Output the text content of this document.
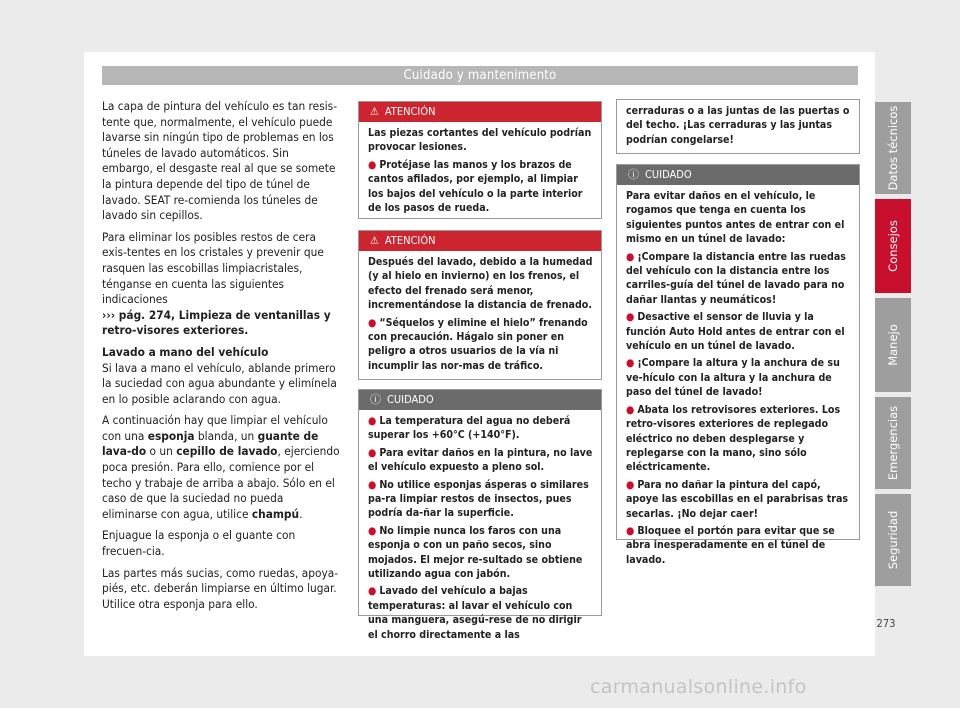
Cuidado y mantenimento
Datos técnicos
Consejos
Manejo
Emergencias
Seguridad

La capa de pintura del vehículo es tan resis-tente que, normalmente, el vehículo puede lavarse sin ningún tipo de problemas en los túneles de lavado automáticos. Sin embargo, el desgaste real al que se somete la pintura depende del tipo de túnel de lavado. SEAT re-comienda los túneles de lavado sin cepillos.

Para eliminar los posibles restos de cera exis-tentes en los cristales y prevenir que rasquen las escobillas limpiacristales, ténganse en cuenta las siguientes indicaciones
››› pág. 274, Limpieza de ventanillas y retro-visores exteriores.

Lavado a mano del vehículo

Si lava a mano el vehículo, ablande primero la suciedad con agua abundante y elimínela en lo posible aclarando con agua.

A continuación hay que limpiar el vehículo con una esponja blanda, un guante de lava-do o un cepillo de lavado, ejerciendo poca presión. Para ello, comience por el techo y trabaje de arriba a abajo. Sólo en el caso de que la suciedad no pueda eliminarse con agua, utilice champú.

Enjuague la esponja o el guante con frecuen-cia.

Las partes más sucias, como ruedas, apoya-piés, etc. deberán limpiarse en último lugar. Utilice otra esponja para ello.

⚠ ATENCIÓN

Las piezas cortantes del vehículo podrían provocar lesiones.

● Protéjase las manos y los brazos de cantos afilados, por ejemplo, al limpiar los bajos del vehículo o la parte interior de los pasos de rueda.

⚠ ATENCIÓN

Después del lavado, debido a la humedad (y al hielo en invierno) en los frenos, el efecto del frenado será menor, incrementándose la distancia de frenado.

● “Séquelos y elimine el hielo” frenando con precaución. Hágalo sin poner en peligro a otros usuarios de la vía ni incumplir las nor-mas de tráfico.

ⓘ CUIDADO

● La temperatura del agua no deberá superar los +60°C (+140°F).

● Para evitar daños en la pintura, no lave el vehículo expuesto a pleno sol.

● No utilice esponjas ásperas o similares pa-ra limpiar restos de insectos, pues podría da-ñar la superficie.

● No limpie nunca los faros con una esponja o con un paño secos, sino mojados. El mejor re-sultado se obtiene utilizando agua con jabón.

● Lavado del vehículo a bajas temperaturas: al lavar el vehículo con una manguera, asegú-rese de no dirigir el chorro directamente a las

cerraduras o a las juntas de las puertas o del techo. ¡Las cerraduras y las juntas podrían congelarse!

ⓘ CUIDADO

Para evitar daños en el vehículo, le rogamos que tenga en cuenta los siguientes puntos antes de entrar con el mismo en un túnel de lavado:

● ¡Compare la distancia entre las ruedas del vehículo con la distancia entre los carriles-guía del túnel de lavado para no dañar llantas y neumáticos!

● Desactive el sensor de lluvia y la función Auto Hold antes de entrar con el vehículo en un túnel de lavado.

● ¡Compare la altura y la anchura de su ve-hículo con la altura y la anchura de paso del túnel de lavado!

● Abata los retrovisores exteriores. Los retro-visores exteriores de replegado eléctrico no deben desplegarse y replegarse con la mano, sino sólo eléctricamente.

● Para no dañar la pintura del capó, apoye las escobillas en el parabrisas tras secarlas. ¡No dejar caer!

● Bloquee el portón para evitar que se abra inesperadamente en el túnel de lavado.

273
carmanualsonline.info
